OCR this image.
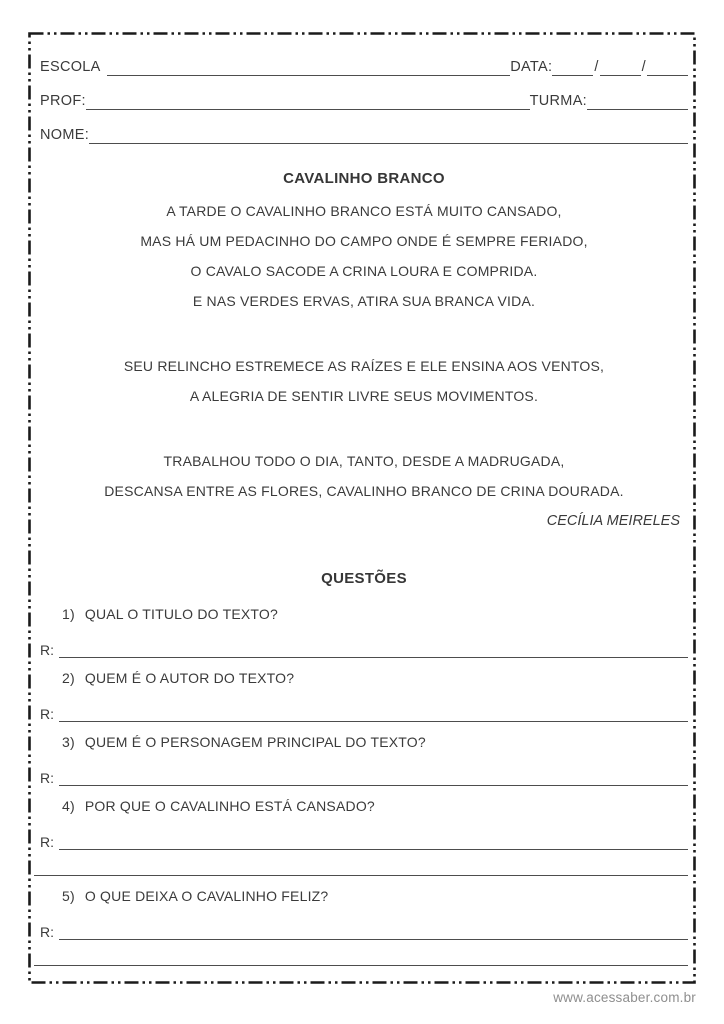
ESCOLA	DATA:	/	/
PROF:	TURMA:
NOME:
CAVALINHO BRANCO
A TARDE O CAVALINHO BRANCO ESTÁ MUITO CANSADO,
MAS HÁ UM PEDACINHO DO CAMPO ONDE É SEMPRE FERIADO,
O CAVALO SACODE A CRINA LOURA E COMPRIDA.
E NAS VERDES ERVAS, ATIRA SUA BRANCA VIDA.
SEU RELINCHO ESTREMECE AS RAÍZES E ELE ENSINA AOS VENTOS,
A ALEGRIA DE SENTIR LIVRE SEUS MOVIMENTOS.
TRABALHOU TODO O DIA, TANTO, DESDE A MADRUGADA,
DESCANSA ENTRE AS FLORES, CAVALINHO BRANCO DE CRINA DOURADA.
CECÍLIA MEIRELES
QUESTÕES
1) QUAL O TITULO DO TEXTO?
R:
2) QUEM É O AUTOR DO TEXTO?
R:
3) QUEM É O PERSONAGEM PRINCIPAL DO TEXTO?
R:
4) POR QUE O CAVALINHO ESTÁ CANSADO?
R:
5) O QUE DEIXA O CAVALINHO FELIZ?
R:
www.acessaber.com.br
